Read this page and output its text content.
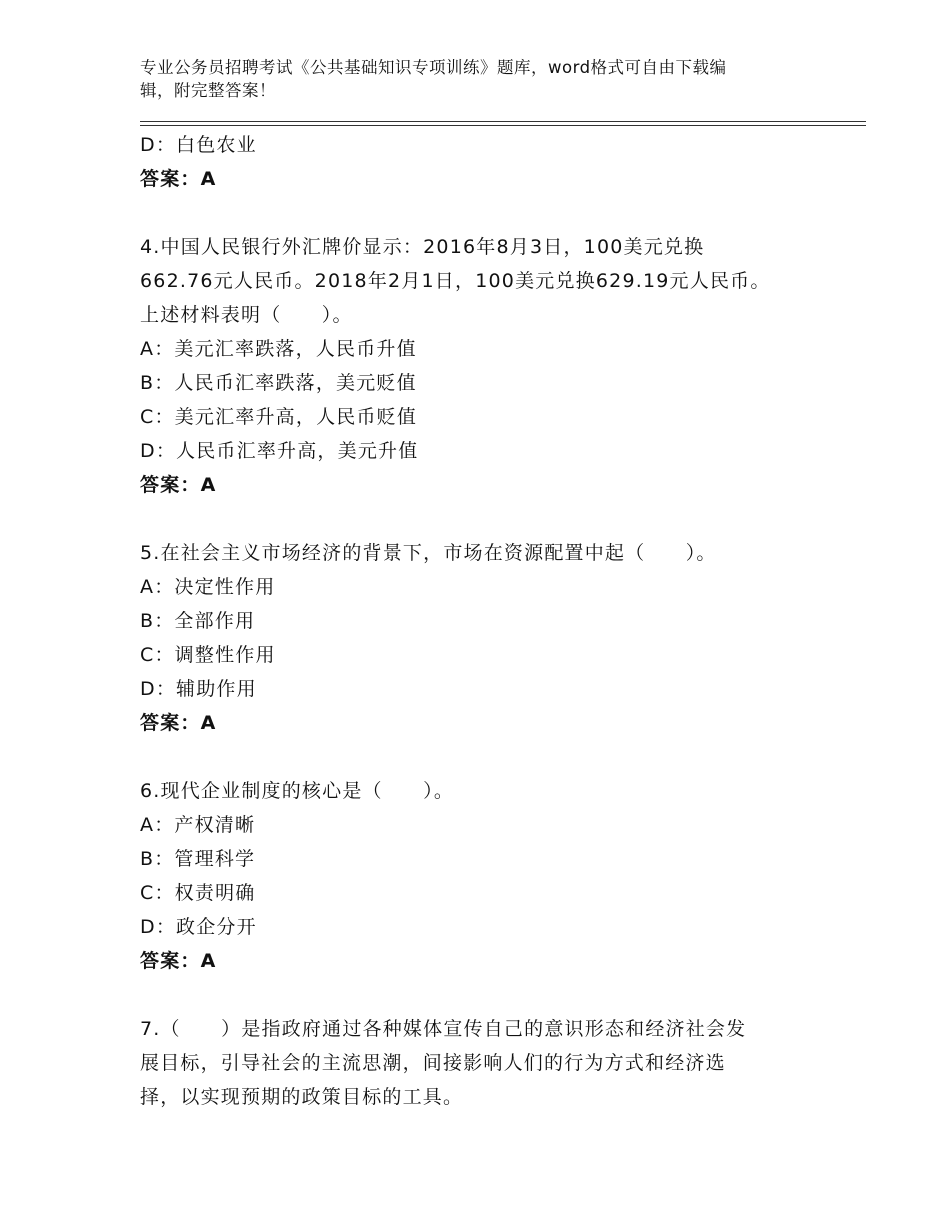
专业公务员招聘考试《公共基础知识专项训练》题库，word格式可自由下载编
辑，附完整答案！
D：白色农业
答案：A
4.中国人民银行外汇牌价显示：2016年8月3日，100美元兑换
662.76元人民币。2018年2月1日，100美元兑换629.19元人民币。
上述材料表明（　　）。
A：美元汇率跌落，人民币升值
B：人民币汇率跌落，美元贬值
C：美元汇率升高，人民币贬值
D：人民币汇率升高，美元升值
答案：A
5.在社会主义市场经济的背景下，市场在资源配置中起（　　）。
A：决定性作用
B：全部作用
C：调整性作用
D：辅助作用
答案：A
6.现代企业制度的核心是（　　）。
A：产权清晰
B：管理科学
C：权责明确
D：政企分开
答案：A
7.（　　）是指政府通过各种媒体宣传自己的意识形态和经济社会发
展目标，引导社会的主流思潮，间接影响人们的行为方式和经济选
择，以实现预期的政策目标的工具。
